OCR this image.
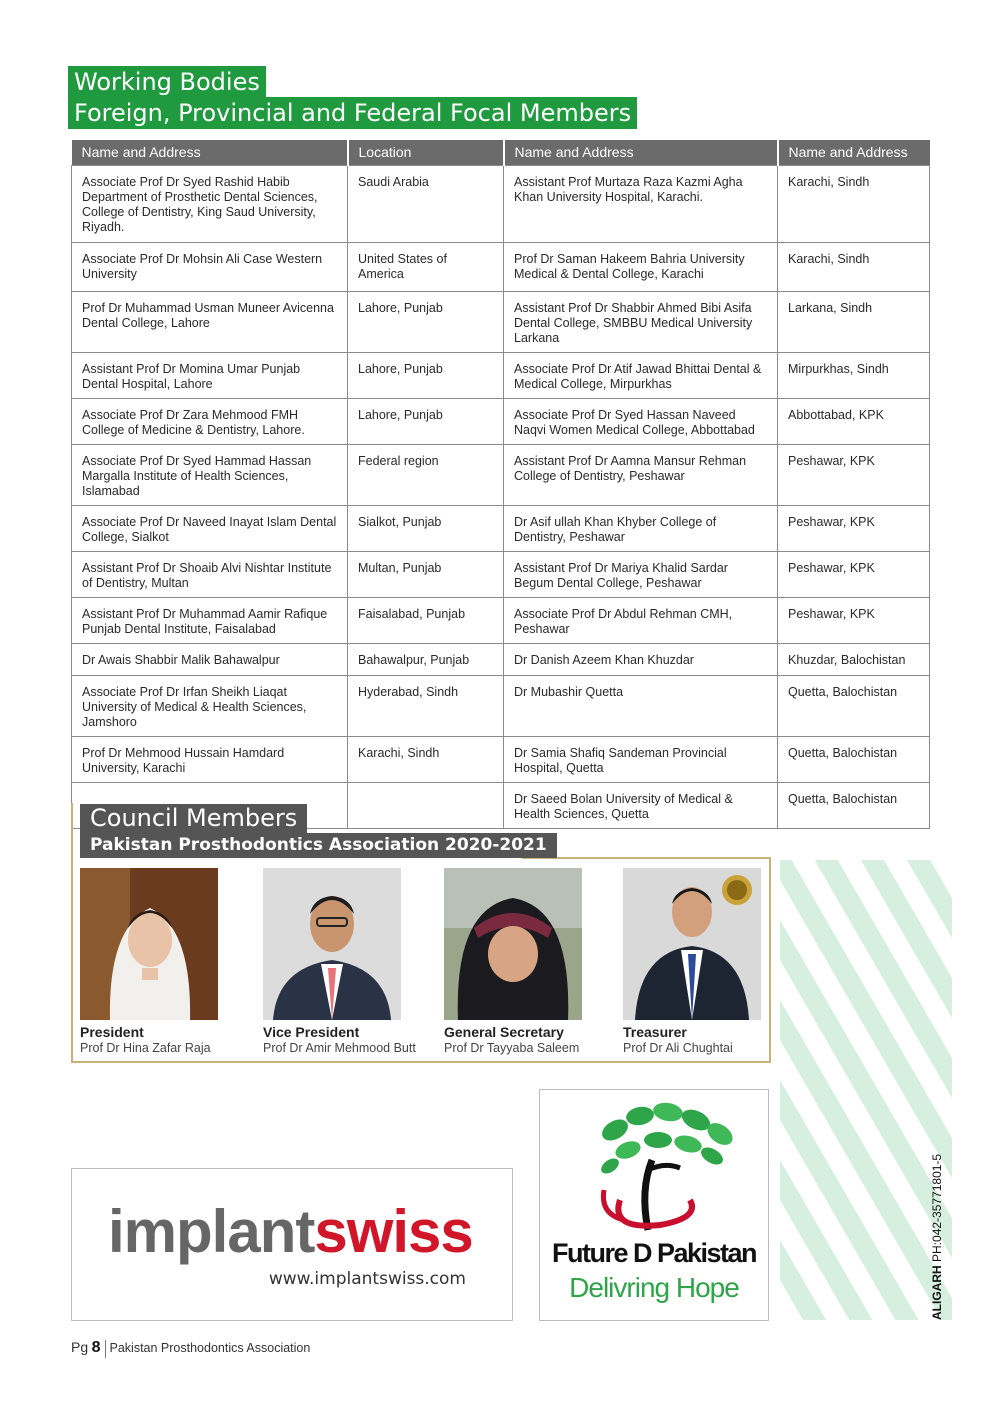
Working Bodies
Foreign, Provincial and Federal Focal Members
Name and Address	Location	Name and Address	Name and Address
Associate Prof Dr Syed Rashid Habib Department of Prosthetic Dental Sciences, College of Dentistry, King Saud University, Riyadh.	Saudi Arabia	Assistant Prof Murtaza Raza Kazmi Agha Khan University Hospital, Karachi.	Karachi, Sindh
Associate Prof Dr Mohsin Ali Case Western University	United States of America	Prof Dr Saman Hakeem Bahria University Medical & Dental College, Karachi	Karachi, Sindh
Prof Dr Muhammad Usman Muneer Avicenna Dental College, Lahore	Lahore, Punjab	Assistant Prof Dr Shabbir Ahmed Bibi Asifa Dental College, SMBBU Medical University Larkana	Larkana, Sindh
Assistant Prof Dr Momina Umar Punjab Dental Hospital, Lahore	Lahore, Punjab	Associate Prof Dr Atif Jawad Bhittai Dental & Medical College, Mirpurkhas	Mirpurkhas, Sindh
Associate Prof Dr Zara Mehmood FMH College of Medicine & Dentistry, Lahore.	Lahore, Punjab	Associate Prof Dr Syed Hassan Naveed Naqvi Women Medical College, Abbottabad	Abbottabad, KPK
Associate Prof Dr Syed Hammad Hassan Margalla Institute of Health Sciences, Islamabad	Federal region	Assistant Prof Dr Aamna Mansur Rehman College of Dentistry, Peshawar	Peshawar, KPK
Associate Prof Dr Naveed Inayat Islam Dental College, Sialkot	Sialkot, Punjab	Dr Asif ullah Khan Khyber College of Dentistry, Peshawar	Peshawar, KPK
Assistant Prof Dr Shoaib Alvi Nishtar Institute of Dentistry, Multan	Multan, Punjab	Assistant Prof Dr Mariya Khalid Sardar Begum Dental College, Peshawar	Peshawar, KPK
Assistant Prof Dr Muhammad Aamir Rafique Punjab Dental Institute, Faisalabad	Faisalabad, Punjab	Associate Prof Dr Abdul Rehman CMH, Peshawar	Peshawar, KPK
Dr Awais Shabbir Malik Bahawalpur	Bahawalpur, Punjab	Dr Danish Azeem Khan Khuzdar	Khuzdar, Balochistan
Associate Prof Dr Irfan Sheikh Liaqat University of Medical & Health Sciences, Jamshoro	Hyderabad, Sindh	Dr Mubashir Quetta	Quetta, Balochistan
Prof Dr Mehmood Hussain Hamdard University, Karachi	Karachi, Sindh	Dr Samia Shafiq Sandeman Provincial Hospital, Quetta	Quetta, Balochistan
		Dr Saeed Bolan University of Medical & Health Sciences, Quetta	Quetta, Balochistan
Council Members
Pakistan Prosthodontics Association 2020-2021
President
Prof Dr Hina Zafar Raja
Vice President
Prof Dr Amir Mehmood Butt
General Secretary
Prof Dr Tayyaba Saleem
Treasurer
Prof Dr Ali Chughtai
implantswiss
www.implantswiss.com
Future D Pakistan
Delivring Hope	ALIGARH PH:042-35771801-5
Pg 8 Pakistan Prosthodontics Association
